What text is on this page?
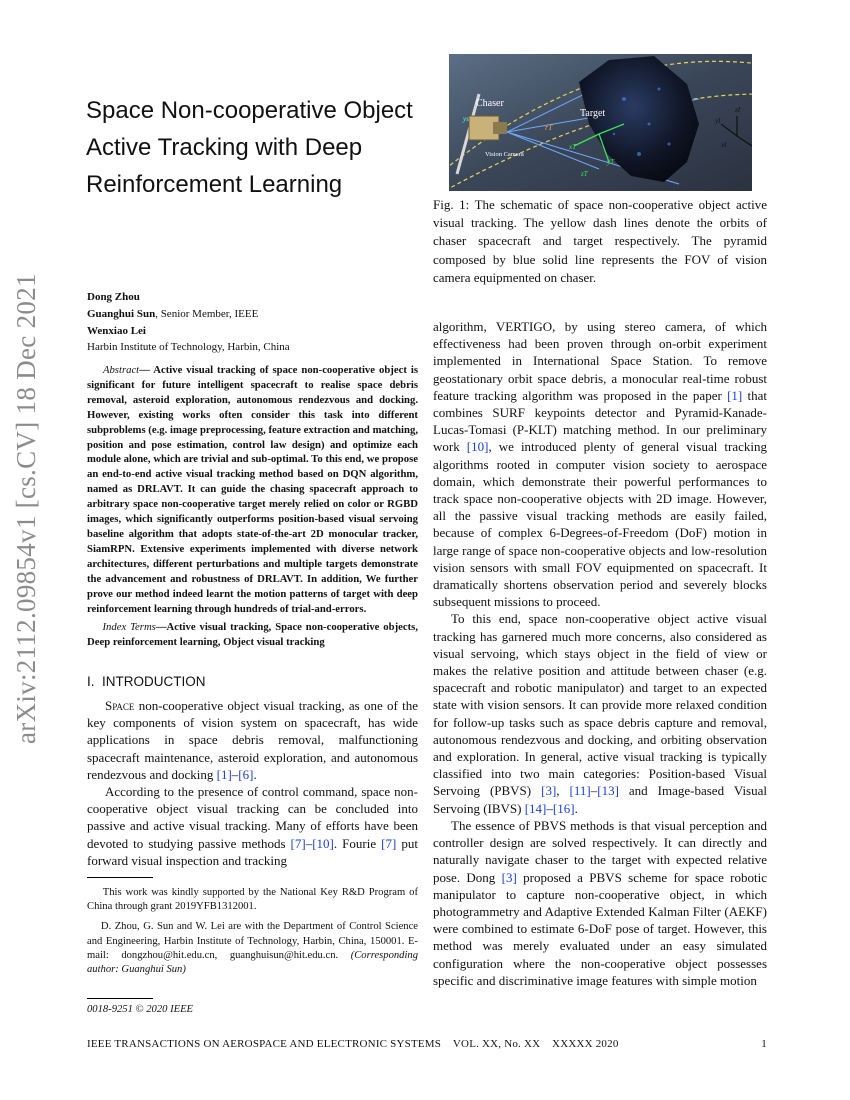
arXiv:2112.09854v1 [cs.CV] 18 Dec 2021
Space Non-cooperative Object Active Tracking with Deep Reinforcement Learning
Chaser
Target
Vision Camera
ys
rT
xT
yT
zT
zI
yI
xI
Fig. 1: The schematic of space non-cooperative object active visual tracking. The yellow dash lines denote the orbits of chaser spacecraft and target respectively. The pyramid composed by blue solid line represents the FOV of vision camera equipmented on chaser.
Dong Zhou
Guanghui Sun, Senior Member, IEEE
Wenxiao Lei
Harbin Institute of Technology, Harbin, China
Abstract— Active visual tracking of space non-cooperative object is significant for future intelligent spacecraft to realise space debris removal, asteroid exploration, autonomous rendezvous and docking. However, existing works often consider this task into different subproblems (e.g. image preprocessing, feature extraction and matching, position and pose estimation, control law design) and optimize each module alone, which are trivial and sub-optimal. To this end, we propose an end-to-end active visual tracking method based on DQN algorithm, named as DRLAVT. It can guide the chasing spacecraft approach to arbitrary space non-cooperative target merely relied on color or RGBD images, which significantly outperforms position-based visual servoing baseline algorithm that adopts state-of-the-art 2D monocular tracker, SiamRPN. Extensive experiments implemented with diverse network architectures, different perturbations and multiple targets demonstrate the advancement and robustness of DRLAVT. In addition, We further prove our method indeed learnt the motion patterns of target with deep reinforcement learning through hundreds of trial-and-errors.
Index Terms—Active visual tracking, Space non-cooperative objects, Deep reinforcement learning, Object visual tracking
I. INTRODUCTION

Space non-cooperative object visual tracking, as one of the key components of vision system on spacecraft, has wide applications in space debris removal, malfunctioning spacecraft maintenance, asteroid exploration, and autonomous rendezvous and docking [1]–[6].

According to the presence of control command, space non-cooperative object visual tracking can be concluded into passive and active visual tracking. Many of efforts have been devoted to studying passive methods [7]–[10]. Fourie [7] put forward visual inspection and tracking

This work was kindly supported by the National Key R&D Program of China through grant 2019YFB1312001.

D. Zhou, G. Sun and W. Lei are with the Department of Control Science and Engineering, Harbin Institute of Technology, Harbin, China, 150001. E-mail: dongzhou@hit.edu.cn, guanghuisun@hit.edu.cn. (Corresponding author: Guanghui Sun)

0018-9251 © 2020 IEEE

algorithm, VERTIGO, by using stereo camera, of which effectiveness had been proven through on-orbit experiment implemented in International Space Station. To remove geostationary orbit space debris, a monocular real-time robust feature tracking algorithm was proposed in the paper [1] that combines SURF keypoints detector and Pyramid-Kanade-Lucas-Tomasi (P-KLT) matching method. In our preliminary work [10], we introduced plenty of general visual tracking algorithms rooted in computer vision society to aerospace domain, which demonstrate their powerful performances to track space non-cooperative objects with 2D image. However, all the passive visual tracking methods are easily failed, because of complex 6-Degrees-of-Freedom (DoF) motion in large range of space non-cooperative objects and low-resolution vision sensors with small FOV equipmented on spacecraft. It dramatically shortens observation period and severely blocks subsequent missions to proceed.

To this end, space non-cooperative object active visual tracking has garnered much more concerns, also considered as visual servoing, which stays object in the field of view or makes the relative position and attitude between chaser (e.g. spacecraft and robotic manipulator) and target to an expected state with vision sensors. It can provide more relaxed condition for follow-up tasks such as space debris capture and removal, autonomous rendezvous and docking, and orbiting observation and exploration. In general, active visual tracking is typically classified into two main categories: Position-based Visual Servoing (PBVS) [3], [11]–[13] and Image-based Visual Servoing (IBVS) [14]–[16].

The essence of PBVS methods is that visual perception and controller design are solved respectively. It can directly and naturally navigate chaser to the target with expected relative pose. Dong [3] proposed a PBVS scheme for space robotic manipulator to capture non-cooperative object, in which photogrammetry and Adaptive Extended Kalman Filter (AEKF) were combined to estimate 6-DoF pose of target. However, this method was merely evaluated under an easy simulated configuration where the non-cooperative object possesses specific and discriminative image features with simple motion

IEEE TRANSACTIONS ON AEROSPACE AND ELECTRONIC SYSTEMS VOL. XX, No. XX XXXXX 2020	1
